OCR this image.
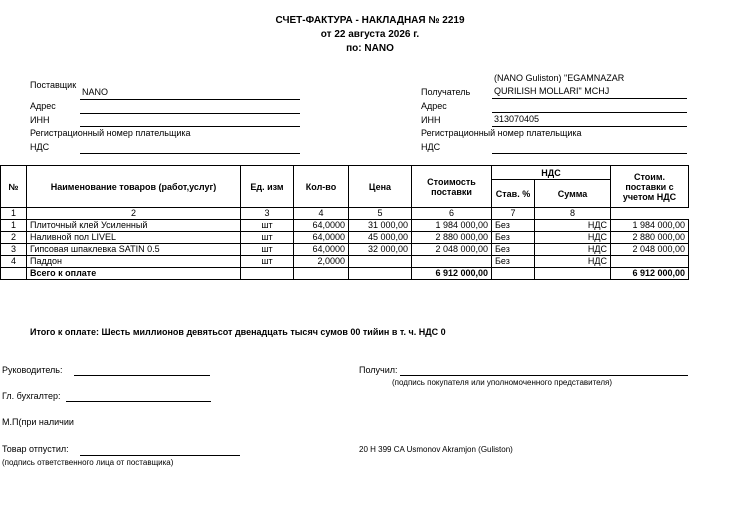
СЧЕТ-ФАКТУРА - НАКЛАДНАЯ № 2219
от 22 августа 2026 г.
по: NANO
Поставщик
NANO
Адрес
ИНН
Регистрационный номер плательщика
НДС
(NANO Guliston) "EGAMNAZAR
Получатель	QURILISH MOLLARI" MCHJ
Адрес
ИНН	313070405
Регистрационный номер плательщика
НДС
№	Наименование товаров (работ,услуг)	Ед. изм	Кол-во	Цена	Стоимость поставки	НДС		Стоим. поставки с учетом НДС
						Став. %	Сумма	
1	2	3	4	5	6	7	8	
1	Плиточный клей Усиленный	шт	64,0000	31 000,00	1 984 000,00	Без	НДС	1 984 000,00
2	Наливной пол LIVEL	шт	64,0000	45 000,00	2 880 000,00	Без	НДС	2 880 000,00
3	Гипсовая шпаклевка SATIN 0.5	шт	64,0000	32 000,00	2 048 000,00	Без	НДС	2 048 000,00
4	Паддон	шт	2,0000			Без	НДС	
	Всего к оплате				6 912 000,00			6 912 000,00
Итого к оплате: Шесть миллионов девятьсот двенадцать тысяч сумов 00 тийин в т. ч. НДС 0
Руководитель:
Гл. бухгалтер:
М.П(при наличии
Товар отпустил:
(подпись ответственного лица от поставщика)
Получил:
(подпись покупателя или уполномоченного представителя)
20 H 399 CA Usmonov Akramjon (Guliston)
